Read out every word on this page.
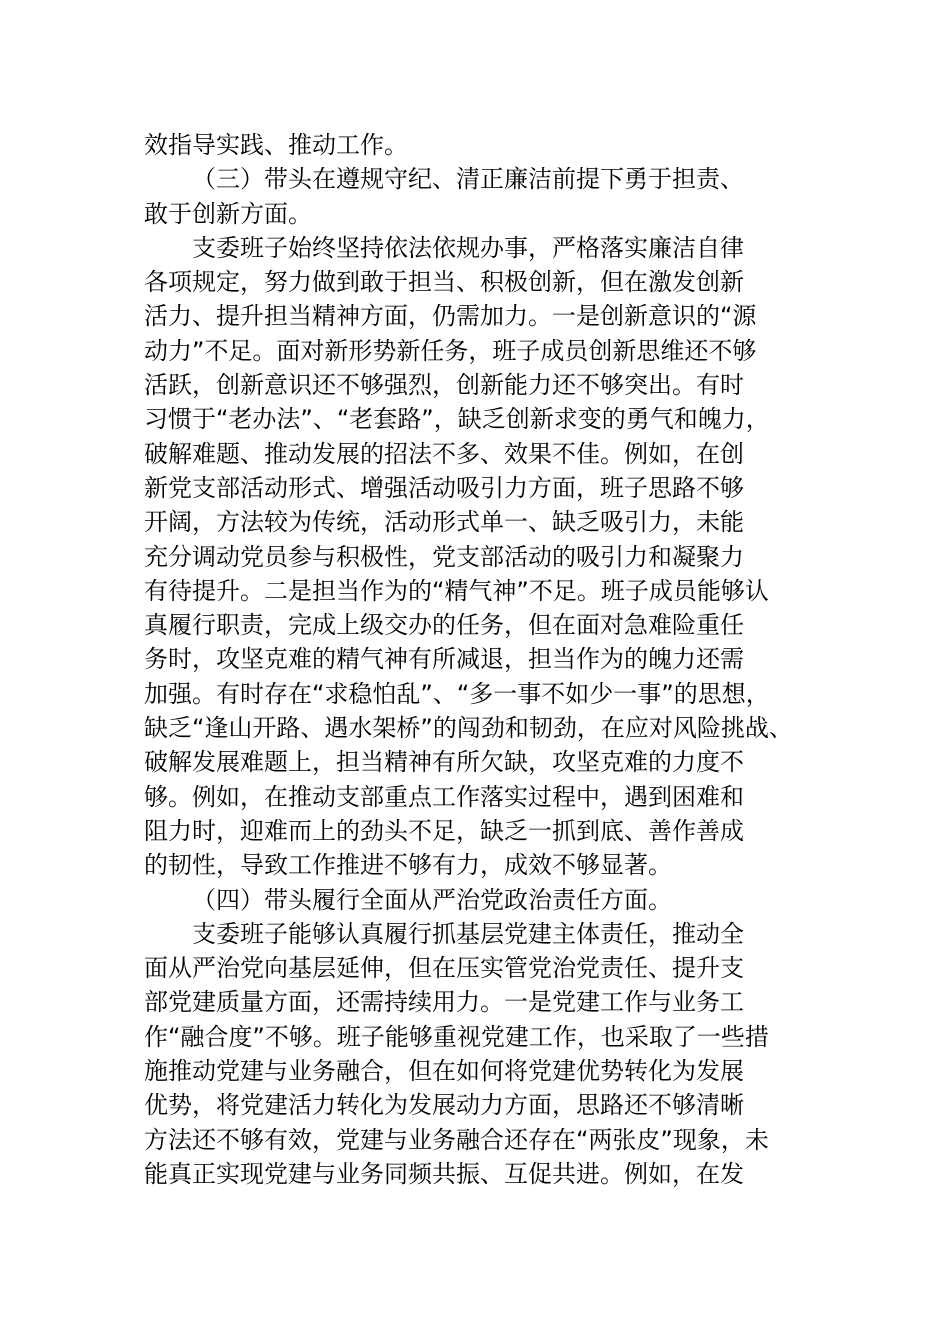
效指导实践、推动工作。

（三）带头在遵规守纪、清正廉洁前提下勇于担责、
敢于创新方面。

支委班子始终坚持依法依规办事，严格落实廉洁自律
各项规定，努力做到敢于担当、积极创新，但在激发创新
活力、提升担当精神方面，仍需加力。一是创新意识的“源
动力”不足。面对新形势新任务，班子成员创新思维还不够
活跃，创新意识还不够强烈，创新能力还不够突出。有时
习惯于“老办法”、“老套路”，缺乏创新求变的勇气和魄力，
破解难题、推动发展的招法不多、效果不佳。例如，在创
新党支部活动形式、增强活动吸引力方面，班子思路不够
开阔，方法较为传统，活动形式单一、缺乏吸引力，未能
充分调动党员参与积极性，党支部活动的吸引力和凝聚力
有待提升。二是担当作为的“精气神”不足。班子成员能够认
真履行职责，完成上级交办的任务，但在面对急难险重任
务时，攻坚克难的精气神有所减退，担当作为的魄力还需
加强。有时存在“求稳怕乱”、“多一事不如少一事”的思想，
缺乏“逢山开路、遇水架桥”的闯劲和韧劲，在应对风险挑战、
破解发展难题上，担当精神有所欠缺，攻坚克难的力度不
够。例如，在推动支部重点工作落实过程中，遇到困难和
阻力时，迎难而上的劲头不足，缺乏一抓到底、善作善成
的韧性，导致工作推进不够有力，成效不够显著。

（四）带头履行全面从严治党政治责任方面。

支委班子能够认真履行抓基层党建主体责任，推动全
面从严治党向基层延伸，但在压实管党治党责任、提升支
部党建质量方面，还需持续用力。一是党建工作与业务工
作“融合度”不够。班子能够重视党建工作，也采取了一些措
施推动党建与业务融合，但在如何将党建优势转化为发展
优势，将党建活力转化为发展动力方面，思路还不够清晰
方法还不够有效，党建与业务融合还存在“两张皮”现象，未
能真正实现党建与业务同频共振、互促共进。例如，在发
